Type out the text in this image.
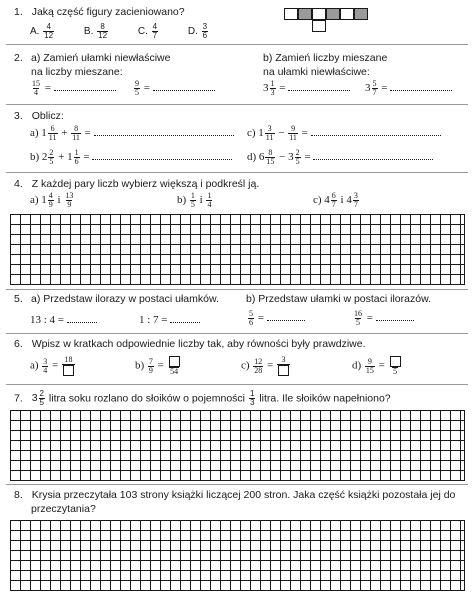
1. Jaką część figury zacieniowano?
A. $\frac{4}{12}$	B. $\frac{8}{12}$	C. $\frac{4}{7}$	D. $\frac{3}{6}$
2. a) Zamień ułamki niewłaściwe
na liczby mieszane:
b) Zamień liczby mieszane
na ułamki niewłaściwe:
$\frac{15}{4}$ =	$\frac{9}{5}$ =	$3 \frac{1}{3}$ =	$3 \frac{5}{7}$ =
3. Oblicz:
a) $1 \frac{6}{11} + \frac{8}{11}$ =	c) $1 \frac{3}{11} - \frac{9}{11}$ =
b) $2 \frac{2}{5} + 1 \frac{1}{6}$ =	d) $6 \frac{8}{15} - 3 \frac{2}{5}$ =
4. Z każdej pary liczb wybierz większą i podkreśl ją.
a) $1 \frac{4}{9}$ i $\frac{13}{9}$	$b) \frac{1}{5}$ i $\frac{1}{4}$	c) $4 \frac{6}{7}$ i $4 \frac{3}{7}$
5. a) Przedstaw ilorazy w postaci ułamków.	b) Przedstaw ułamki w postaci ilorazów.
13 : 4 =	1 : 7 =	$\frac{5}{6}$ =	$\frac{16}{5}$ =
6. Wpisz w kratkach odpowiednie liczby tak, aby równości były prawdziwe.
$a) \frac{3}{4}$ =
18
$b) \frac{7}{9} = 54$	$c) \frac{12}{28}$ =
3
$d) \frac{9}{15} = 5$
7. $3 \frac{2}{5}$ litra soku rozlano do słoików o pojemności $\frac{1}{3}$ litra. Ile słoików napełniono?
8. Krysia przeczytała 103 strony książki liczącej 200 stron. Jaka część książki pozostała jej do
przeczytania?
